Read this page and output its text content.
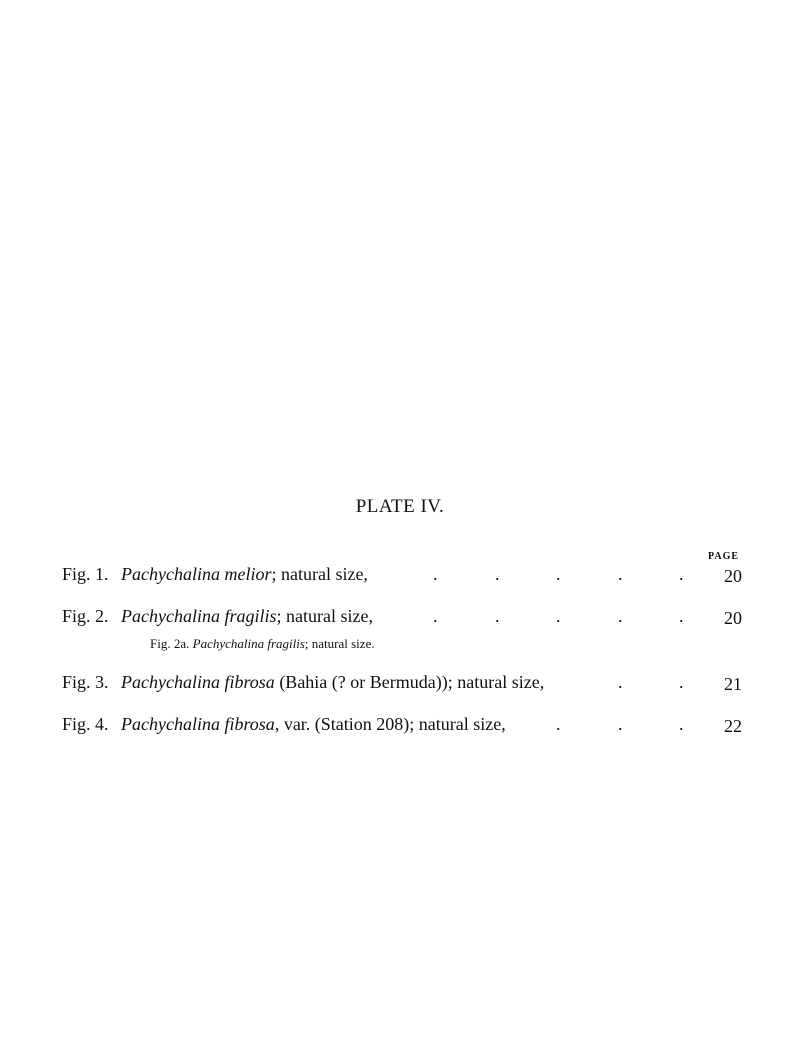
PLATE IV.
PAGE
Fig. 1. Pachychalina melior; natural size,	.	.	.	.	. 20
Fig. 2. Pachychalina fragilis; natural size,	.	.	.	.	. 20
Fig. 2a. Pachychalina fragilis; natural size.
Fig. 3. Pachychalina fibrosa (Bahia (? or Bermuda)); natural size,	.	. 21
Fig. 4. Pachychalina fibrosa, var. (Station 208); natural size,	.	.	. 22
